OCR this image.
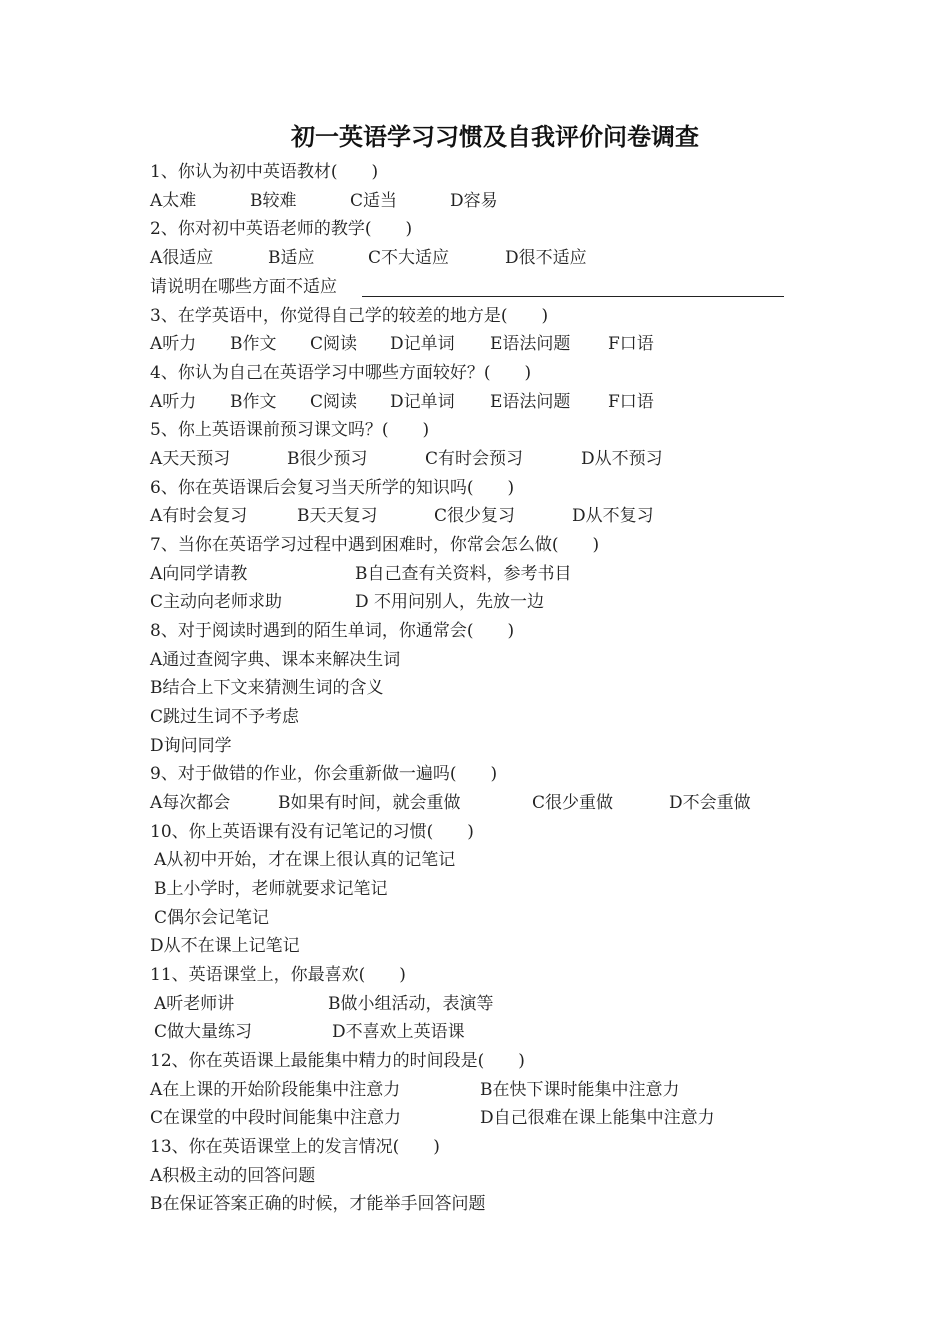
初一英语学习习惯及自我评价问卷调查
1、你认为初中英语教材(　　)
A太难	B较难	C适当	D容易
2、你对初中英语老师的教学(　　)
A很适应	B适应	C不大适应	D很不适应
请说明在哪些方面不适应
3、在学英语中，你觉得自己学的较差的地方是(　　)
A听力 B作文 C阅读 D记单词 E语法问题 F口语
4、你认为自己在英语学习中哪些方面较好？(　　)
A听力 B作文 C阅读 D记单词 E语法问题 F口语
5、你上英语课前预习课文吗？(　　)
A天天预习	B很少预习	C有时会预习	D从不预习
6、你在英语课后会复习当天所学的知识吗(　　)
A有时会复习	B天天复习	C很少复习	D从不复习
7、当你在英语学习过程中遇到困难时，你常会怎么做(　　)
A向同学请教	B自己查有关资料，参考书目
C主动向老师求助	D 不用问别人，先放一边
8、对于阅读时遇到的陌生单词，你通常会(　　)
A通过查阅字典、课本来解决生词
B结合上下文来猜测生词的含义
C跳过生词不予考虑
D询问同学
9、对于做错的作业，你会重新做一遍吗(　　)
A每次都会	B如果有时间，就会重做	C很少重做	D不会重做
10、你上英语课有没有记笔记的习惯(　　)
A从初中开始，才在课上很认真的记笔记
B上小学时，老师就要求记笔记
C偶尔会记笔记
D从不在课上记笔记
11、英语课堂上，你最喜欢(　　)
A听老师讲	B做小组活动，表演等
C做大量练习	D不喜欢上英语课
12、你在英语课上最能集中精力的时间段是(　　)
A在上课的开始阶段能集中注意力	B在快下课时能集中注意力
C在课堂的中段时间能集中注意力	D自己很难在课上能集中注意力
13、你在英语课堂上的发言情况(　　)
A积极主动的回答问题
B在保证答案正确的时候，才能举手回答问题
